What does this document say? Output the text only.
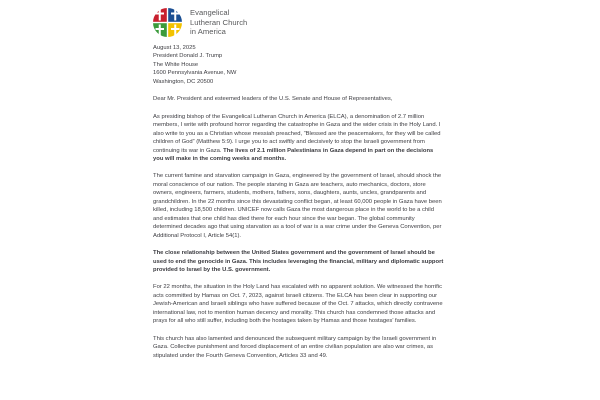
Evangelical
Lutheran Church
in America
August 13, 2025
President Donald J. Trump
The White House
1600 Pennsylvania Avenue, NW
Washington, DC 20500

Dear Mr. President and esteemed leaders of the U.S. Senate and House of Representatives,

As presiding bishop of the Evangelical Lutheran Church in America (ELCA), a denomination of 2.7 million members, I write with profound horror regarding the catastrophe in Gaza and the wider crisis in the Holy Land. I also write to you as a Christian whose messiah preached, “Blessed are the peacemakers, for they will be called children of God” (Matthew 5:9). I urge you to act swiftly and decisively to stop the Israeli government from continuing its war in Gaza. The lives of 2.1 million Palestinians in Gaza depend in part on the decisions you will make in the coming weeks and months.

The current famine and starvation campaign in Gaza, engineered by the government of Israel, should shock the moral conscience of our nation. The people starving in Gaza are teachers, auto mechanics, doctors, store owners, engineers, farmers, students, mothers, fathers, sons, daughters, aunts, uncles, grandparents and grandchildren. In the 22 months since this devastating conflict began, at least 60,000 people in Gaza have been killed, including 18,500 children. UNICEF now calls Gaza the most dangerous place in the world to be a child and estimates that one child has died there for each hour since the war began. The global community determined decades ago that using starvation as a tool of war is a war crime under the Geneva Convention, per Additional Protocol I, Article 54(1).

The close relationship between the United States government and the government of Israel should be used to end the genocide in Gaza. This includes leveraging the financial, military and diplomatic support provided to Israel by the U.S. government.

For 22 months, the situation in the Holy Land has escalated with no apparent solution. We witnessed the horrific acts committed by Hamas on Oct. 7, 2023, against Israeli citizens. The ELCA has been clear in supporting our Jewish-American and Israeli siblings who have suffered because of the Oct. 7 attacks, which directly contravene international law, not to mention human decency and morality. This church has condemned those attacks and prays for all who still suffer, including both the hostages taken by Hamas and those hostages’ families.

This church has also lamented and denounced the subsequent military campaign by the Israeli government in Gaza. Collective punishment and forced displacement of an entire civilian population are also war crimes, as stipulated under the Fourth Geneva Convention, Articles 33 and 49.
